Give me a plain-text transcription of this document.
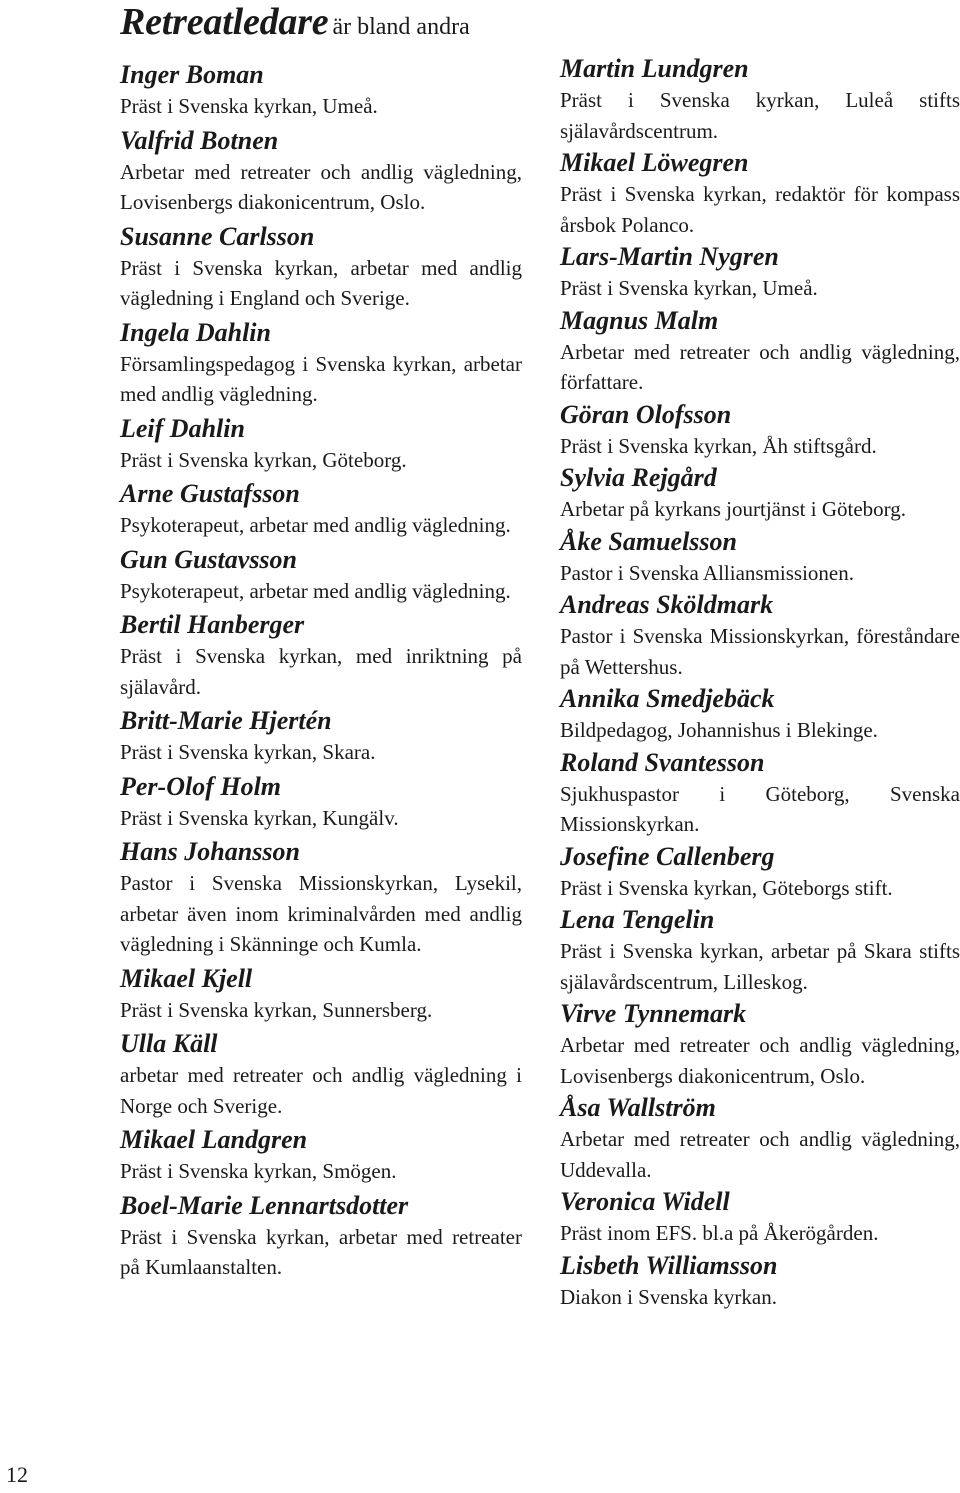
Retreatledare är bland andra
Inger Boman
Präst i Svenska kyrkan, Umeå.
Valfrid Botnen
Arbetar med retreater och andlig vägledning, Lovisenbergs diakonicentrum, Oslo.
Susanne Carlsson
Präst i Svenska kyrkan, arbetar med andlig vägledning i England och Sverige.
Ingela Dahlin
Församlingspedagog i Svenska kyrkan, arbetar med andlig vägledning.
Leif Dahlin
Präst i Svenska kyrkan, Göteborg.
Arne Gustafsson
Psykoterapeut, arbetar med andlig vägledning.
Gun Gustavsson
Psykoterapeut, arbetar med andlig vägledning.
Bertil Hanberger
Präst i Svenska kyrkan, med inriktning på själavård.
Britt-Marie Hjertén
Präst i Svenska kyrkan, Skara.
Per-Olof Holm
Präst i Svenska kyrkan, Kungälv.
Hans Johansson
Pastor i Svenska Missionskyrkan, Lysekil, arbetar även inom kriminalvården med andlig vägledning i Skänninge och Kumla.
Mikael Kjell
Präst i Svenska kyrkan, Sunnersberg.
Ulla Käll
arbetar med retreater och andlig vägledning i Norge och Sverige.
Mikael Landgren
Präst i Svenska kyrkan, Smögen.
Boel-Marie Lennartsdotter
Präst i Svenska kyrkan, arbetar med retreater på Kumlaanstalten.
Martin Lundgren
Präst i Svenska kyrkan, Luleå stifts själavårdscentrum.
Mikael Löwegren
Präst i Svenska kyrkan, redaktör för kompass årsbok Polanco.
Lars-Martin Nygren
Präst i Svenska kyrkan, Umeå.
Magnus Malm
Arbetar med retreater och andlig vägledning, författare.
Göran Olofsson
Präst i Svenska kyrkan, Åh stiftsgård.
Sylvia Rejgård
Arbetar på kyrkans jourtjänst i Göteborg.
Åke Samuelsson
Pastor i Svenska Alliansmissionen.
Andreas Sköldmark
Pastor i Svenska Missionskyrkan, föreståndare på Wettershus.
Annika Smedjebäck
Bildpedagog, Johannishus i Blekinge.
Roland Svantesson
Sjukhuspastor i Göteborg, Svenska Missionskyrkan.
Josefine Callenberg
Präst i Svenska kyrkan, Göteborgs stift.
Lena Tengelin
Präst i Svenska kyrkan, arbetar på Skara stifts själavårdscentrum, Lilleskog.
Virve Tynnemark
Arbetar med retreater och andlig vägledning, Lovisenbergs diakonicentrum, Oslo.
Åsa Wallström
Arbetar med retreater och andlig vägledning, Uddevalla.
Veronica Widell
Präst inom EFS. bl.a på Åkerögården.
Lisbeth Williamsson
Diakon i Svenska kyrkan.
12
